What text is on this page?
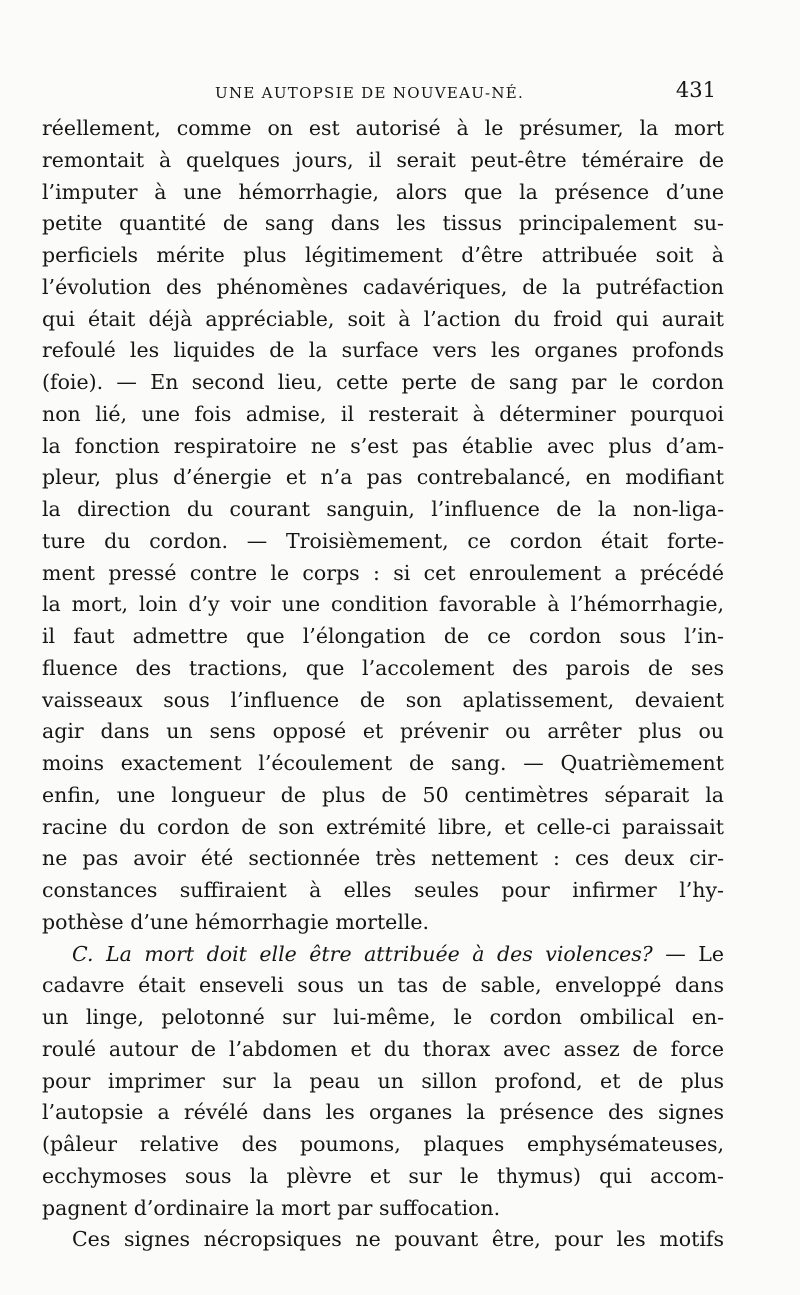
UNE AUTOPSIE DE NOUVEAU-NÉ.	431
réellement, comme on est autorisé à le présumer, la mort
remontait à quelques jours, il serait peut-être téméraire de
l’imputer à une hémorrhagie, alors que la présence d’une
petite quantité de sang dans les tissus principalement su-
perficiels mérite plus légitimement d’être attribuée soit à
l’évolution des phénomènes cadavériques, de la putréfaction
qui était déjà appréciable, soit à l’action du froid qui aurait
refoulé les liquides de la surface vers les organes profonds
(foie). — En second lieu, cette perte de sang par le cordon
non lié, une fois admise, il resterait à déterminer pourquoi
la fonction respiratoire ne s’est pas établie avec plus d’am-
pleur, plus d’énergie et n’a pas contrebalancé, en modifiant
la direction du courant sanguin, l’influence de la non-liga-
ture du cordon. — Troisièmement, ce cordon était forte-
ment pressé contre le corps : si cet enroulement a précédé
la mort, loin d’y voir une condition favorable à l’hémorrhagie,
il faut admettre que l’élongation de ce cordon sous l’in-
fluence des tractions, que l’accolement des parois de ses
vaisseaux sous l’influence de son aplatissement, devaient
agir dans un sens opposé et prévenir ou arrêter plus ou
moins exactement l’écoulement de sang. — Quatrièmement
enfin, une longueur de plus de 50 centimètres séparait la
racine du cordon de son extrémité libre, et celle-ci paraissait
ne pas avoir été sectionnée très nettement : ces deux cir-
constances suffiraient à elles seules pour infirmer l’hy-
pothèse d’une hémorrhagie mortelle.
C. La mort doit elle être attribuée à des violences? — Le
cadavre était enseveli sous un tas de sable, enveloppé dans
un linge, pelotonné sur lui-même, le cordon ombilical en-
roulé autour de l’abdomen et du thorax avec assez de force
pour imprimer sur la peau un sillon profond, et de plus
l’autopsie a révélé dans les organes la présence des signes
(pâleur relative des poumons, plaques emphysémateuses,
ecchymoses sous la plèvre et sur le thymus) qui accom-
pagnent d’ordinaire la mort par suffocation.
Ces signes nécropsiques ne pouvant être, pour les motifs
